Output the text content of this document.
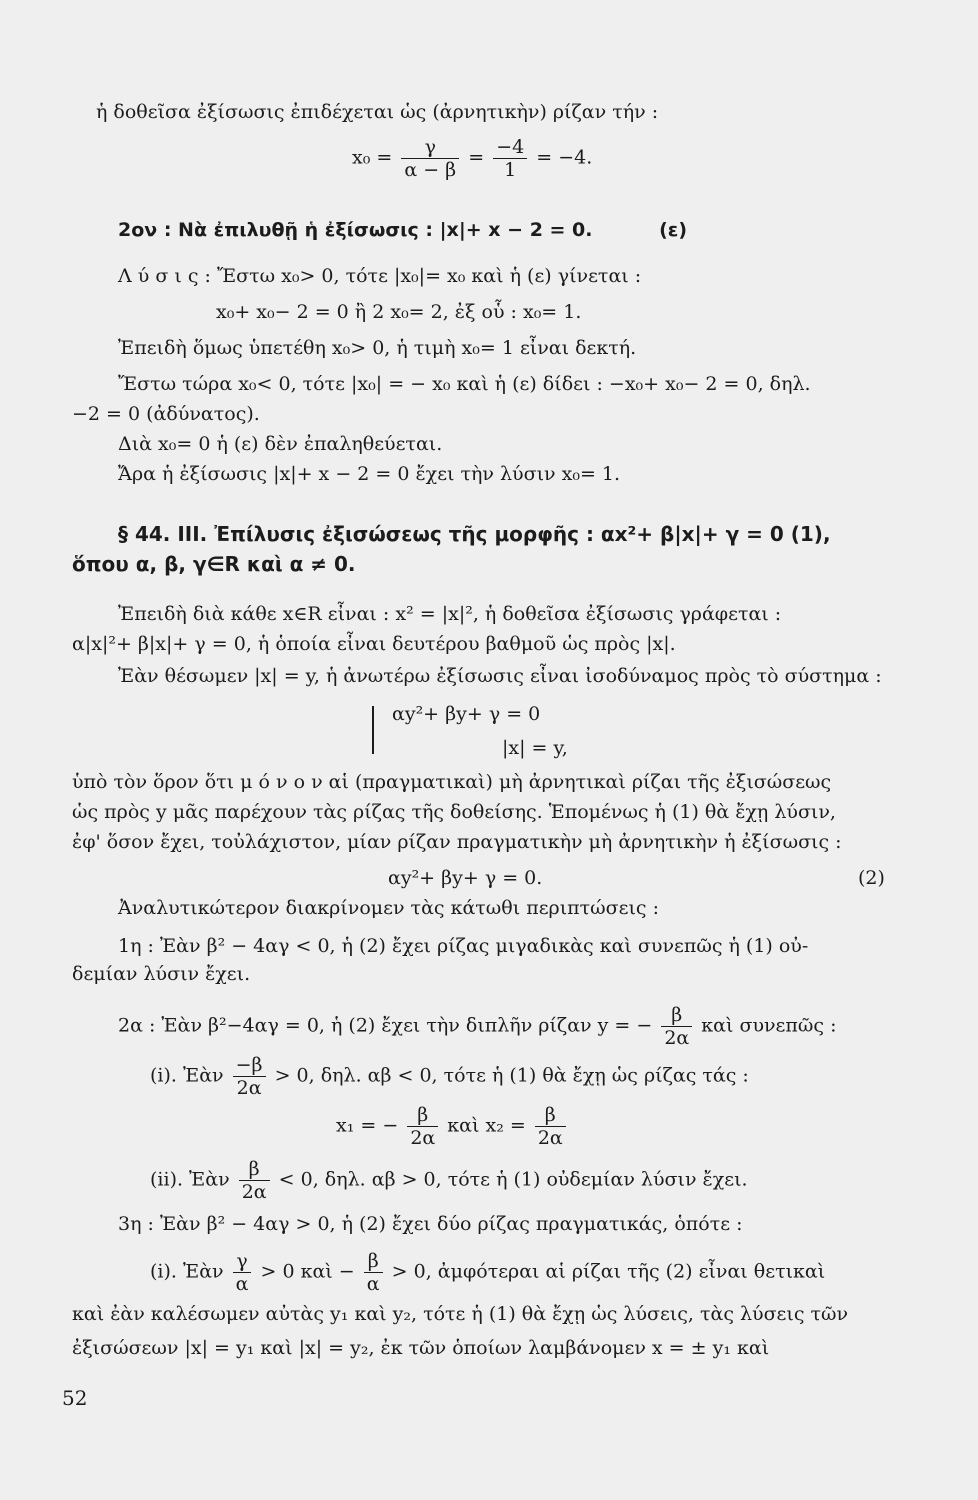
ἡ δοθεῖσα ἐξίσωσις ἐπιδέχεται ὡς (ἀρνητικὴν) ρίζαν τήν :
$x_0 = \frac{\gamma}{\alpha - \beta} = \frac{-4}{1} = -4$.
2ον : Νὰ ἐπιλυθῇ ἡ ἐξίσωσις : |x|+ x − 2 = 0.	(ε)
Λ ύ σ ι ς : Ἔστω x₀> 0, τότε |x₀|= x₀ καὶ ἡ (ε) γίνεται :
x₀+ x₀− 2 = 0 ἢ 2 x₀= 2, ἐξ οὗ : x₀= 1.
Ἐπειδὴ ὅμως ὑπετέθη x₀> 0, ἡ τιμὴ x₀= 1 εἶναι δεκτή.
Ἔστω τώρα x₀< 0, τότε |x₀| = − x₀ καὶ ἡ (ε) δίδει : −x₀+ x₀− 2 = 0, δηλ.
−2 = 0 (ἀδύνατος).
Διὰ x₀= 0 ἡ (ε) δὲν ἐπαληθεύεται.
Ἄρα ἡ ἐξίσωσις |x|+ x − 2 = 0 ἔχει τὴν λύσιν x₀= 1.
§ 44. ΙΙΙ. Ἐπίλυσις ἐξισώσεως τῆς μορφῆς : αx²+ β|x|+ γ = 0 (1),
ὅπου α, β, γ∈R καὶ α ≠ 0.
Ἐπειδὴ διὰ κάθε x∈R εἶναι : x² = |x|², ἡ δοθεῖσα ἐξίσωσις γράφεται :
α|x|²+ β|x|+ γ = 0, ἡ ὁποία εἶναι δευτέρου βαθμοῦ ὡς πρὸς |x|.
Ἐὰν θέσωμεν |x| = y, ἡ ἀνωτέρω ἐξίσωσις εἶναι ἰσοδύναμος πρὸς τὸ σύστημα :
αy²+ βy+ γ = 0
|x| = y,
ὑπὸ τὸν ὅρον ὅτι μ ό ν ο ν αἱ (πραγματικαὶ) μὴ ἀρνητικαὶ ρίζαι τῆς ἐξισώσεως
ὡς πρὸς y μᾶς παρέχουν τὰς ρίζας τῆς δοθείσης. Ἑπομένως ἡ (1) θὰ ἔχῃ λύσιν,
ἐφ' ὅσον ἔχει, τοὐλάχιστον, μίαν ρίζαν πραγματικὴν μὴ ἀρνητικὴν ἡ ἐξίσωσις :
αy²+ βy+ γ = 0.	(2)
Ἀναλυτικώτερον διακρίνομεν τὰς κάτωθι περιπτώσεις :
1η : Ἐὰν β² − 4αγ < 0, ἡ (2) ἔχει ρίζας μιγαδικὰς καὶ συνεπῶς ἡ (1) οὐ-
δεμίαν λύσιν ἔχει.
2α : Ἐὰν β²−4αγ = 0, ἡ (2) ἔχει τὴν διπλῆν ρίζαν y = − $\frac{\beta}{2\alpha}$ καὶ συνεπῶς :
(i). Ἐὰν $\frac{-\beta}{2\alpha} > 0$, δηλ. αβ < 0, τότε ἡ (1) θὰ ἔχῃ ὡς ρίζας τάς :
x₁ = − $\frac{\beta}{2\alpha}$ καὶ $x_2 = \frac{\beta}{2\alpha}$
(ii). Ἐὰν $\frac{\beta}{2\alpha} < 0$, δηλ. αβ > 0, τότε ἡ (1) οὐδεμίαν λύσιν ἔχει.
3η : Ἐὰν β² − 4αγ > 0, ἡ (2) ἔχει δύο ρίζας πραγματικάς, ὁπότε :
(i). Ἐὰν $\frac{\gamma}{\alpha} > 0$ καὶ − $\frac{\beta}{\alpha} > 0$, ἀμφότεραι αἱ ρίζαι τῆς (2) εἶναι θετικαὶ
καὶ ἐὰν καλέσωμεν αὐτὰς y₁ καὶ y₂, τότε ἡ (1) θὰ ἔχῃ ὡς λύσεις, τὰς λύσεις τῶν
ἐξισώσεων |x| = y₁ καὶ |x| = y₂, ἐκ τῶν ὁποίων λαμβάνομεν x = ± y₁ καὶ
52
